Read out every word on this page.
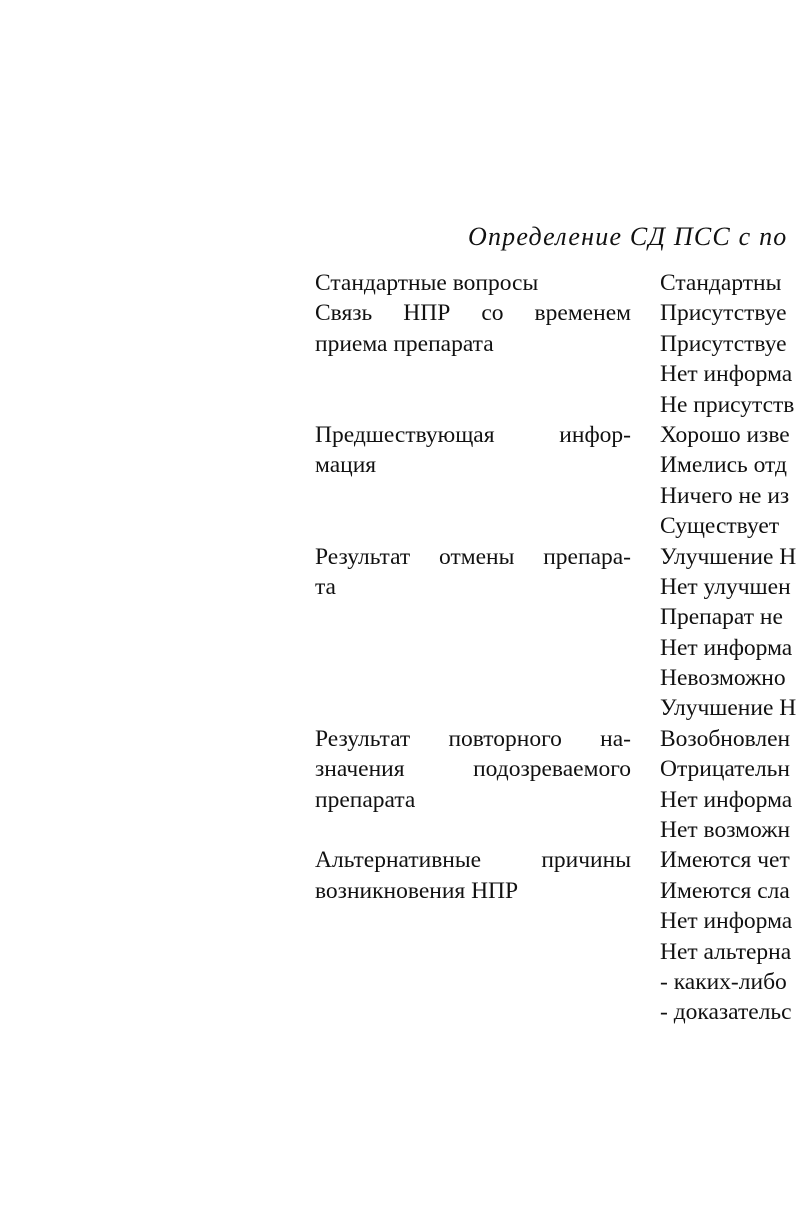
Определение СД ПСС с по
Стандартные вопросы
Связь НПР со временем
приема препарата
Предшествующая инфор-
мация
Результат отмены препара-
та
Результат повторного на-
значения подозреваемого
препарата
Альтернативные причины
возникновения НПР
Стандартны
Присутствуе
Присутствуе
Нет информа
Не присутств
Хорошо изве
Имелись отд
Ничего не из
Существует
Улучшение Н
Нет улучшен
Препарат не
Нет информа
Невозможно
Улучшение Н
Возобновлен
Отрицательн
Нет информа
Нет возможн
Имеются чет
Имеются сла
Нет информа
Нет альтерна
- каких-либо
- доказательс
